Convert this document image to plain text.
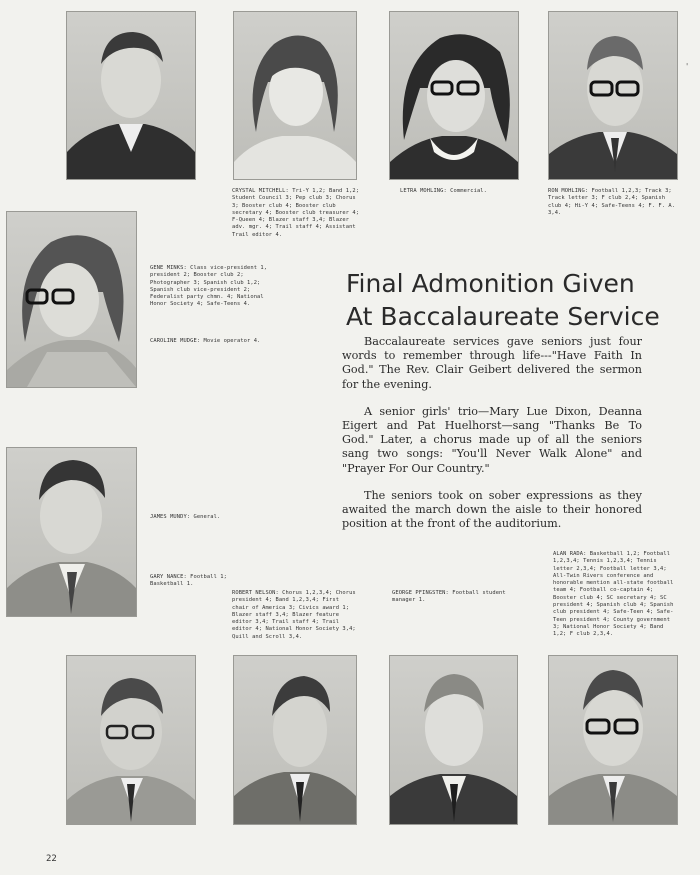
'
CRYSTAL MITCHELL: Tri-Y 1,2; Band 1,2; Student Council 3; Pep club 3; Chorus 3; Booster club 4; Booster club secretary 4; Booster club treasurer 4; F-Queen 4; Blazer staff 3,4; Blazer adv. mgr. 4; Trail staff 4; Assistant Trail editor 4.
LETRA MOHLING: Commercial.	RON MOHLING: Football 1,2,3; Track 3; Track letter 3; F club 2,4; Spanish club 4; Hi-Y 4; Safe-Teens 4; F. F. A. 3,4.
GENE MINKS: Class vice-president 1, president 2; Booster club 2; Photographer 3; Spanish club 1,2; Spanish club vice-president 2; Federalist party chmn. 4; National Honor Society 4; Safe-Teens 4.
CAROLINE MUDGE: Movie operator 4.
JAMES MUNDY: General.
GARY NANCE: Football 1; Basketball 1.
Final Admonition Given
At Baccalaureate Service

Baccalaureate services gave seniors just four words to remember through life---"Have Faith In God." The Rev. Clair Geibert delivered the sermon for the evening.

A senior girls' trio—Mary Lue Dixon, Deanna Eigert and Pat Huelhorst—sang "Thanks Be To God." Later, a chorus made up of all the seniors sang two songs: "You'll Never Walk Alone" and "Prayer For Our Country."

The seniors took on sober expressions as they awaited the march down the aisle to their honored position at the front of the auditorium.

ROBERT NELSON: Chorus 1,2,3,4; Chorus president 4; Band 1,2,3,4; First chair of America 3; Civics award 1; Blazer staff 3,4; Blazer feature editor 3,4; Trail staff 4; Trail editor 4; National Honor Society 3,4; Quill and Scroll 3,4.
GEORGE PFINGSTEN: Football student manager 1.
ALAN RADA: Basketball 1,2; Football 1,2,3,4; Tennis 1,2,3,4; Tennis letter 2,3,4; Football letter 3,4; All-Twin Rivers conference and honorable mention all-state football team 4; Football co-captain 4; Booster club 4; SC secretary 4; SC president 4; Spanish club 4; Spanish club president 4; Safe-Teen 4; Safe-Teen president 4; County government 3; National Honor Society 4; Band 1,2; F club 2,3,4.
22
